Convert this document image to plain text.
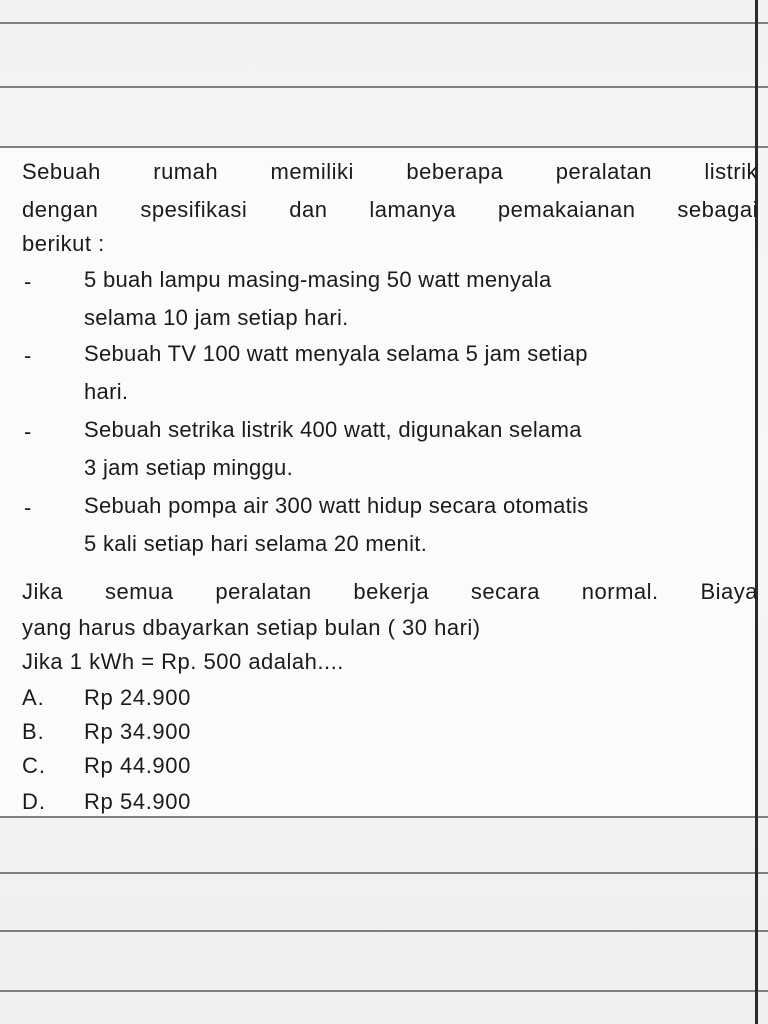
Sebuah rumah memiliki beberapa peralatan listrik
dengan spesifikasi dan lamanya pemakaianan sebagai
berikut :
- 5 buah lampu masing-masing 50 watt menyala
selama 10 jam setiap hari.
- Sebuah TV 100 watt menyala selama 5 jam setiap
hari.
- Sebuah setrika listrik 400 watt, digunakan selama
3 jam setiap minggu.
- Sebuah pompa air 300 watt hidup secara otomatis
5 kali setiap hari selama 20 menit.
Jika semua peralatan bekerja secara normal. Biaya
yang harus dbayarkan setiap bulan ( 30 hari)
Jika 1 kWh = Rp. 500 adalah....
A. Rp 24.900
B. Rp 34.900
C. Rp 44.900
D. Rp 54.900
